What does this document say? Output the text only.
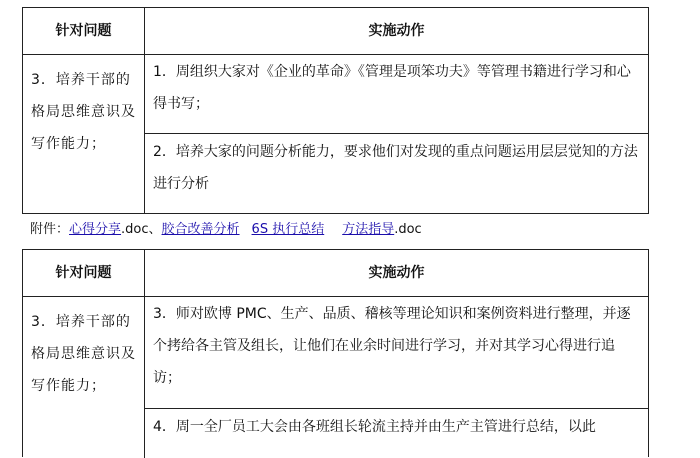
针对问题	实施动作
3．培养干部的格局思维意识及写作能力；
1．周组织大家对《企业的革命》《管理是项笨功夫》等管理书籍进行学习和心得书写；
2．培养大家的问题分析能力，要求他们对发现的重点问题运用层层觉知的方法进行分析
附件：心得分享.doc、胶合改善分析 6S 执行总结 方法指导.doc
针对问题	实施动作
3．培养干部的格局思维意识及写作能力；
3．师对欧博 PMC、生产、品质、稽核等理论知识和案例资料进行整理，并逐个拷给各主管及组长，让他们在业余时间进行学习，并对其学习心得进行追访；
4．周一全厂员工大会由各班组长轮流主持并由生产主管进行总结，以此
